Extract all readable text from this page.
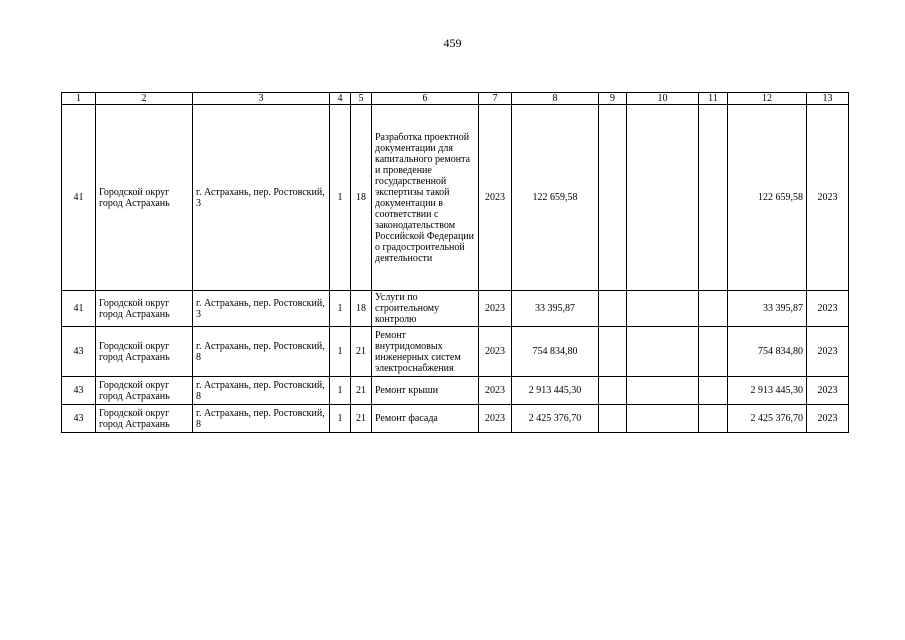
459
1	2	3	4	5	6	7	8	9	10	11	12	13
41	Городской округ город Астрахань	г. Астрахань, пер. Ростовский, 3	1	18	Разработка проектной документации для капитального ремонта и проведение государственной экспертизы такой документации в соответствии с законодательством Российской Федерации о градостроительной деятельности	2023	122 659,58				122 659,58	2023
41	Городской округ город Астрахань	г. Астрахань, пер. Ростовский, 3	1	18	Услуги по строительному контролю	2023	33 395,87				33 395,87	2023
43	Городской округ город Астрахань	г. Астрахань, пер. Ростовский, 8	1	21	Ремонт внутридомовых инженерных систем электроснабжения	2023	754 834,80				754 834,80	2023
43	Городской округ город Астрахань	г. Астрахань, пер. Ростовский, 8	1	21	Ремонт крыши	2023	2 913 445,30				2 913 445,30	2023
43	Городской округ город Астрахань	г. Астрахань, пер. Ростовский, 8	1	21	Ремонт фасада	2023	2 425 376,70				2 425 376,70	2023
